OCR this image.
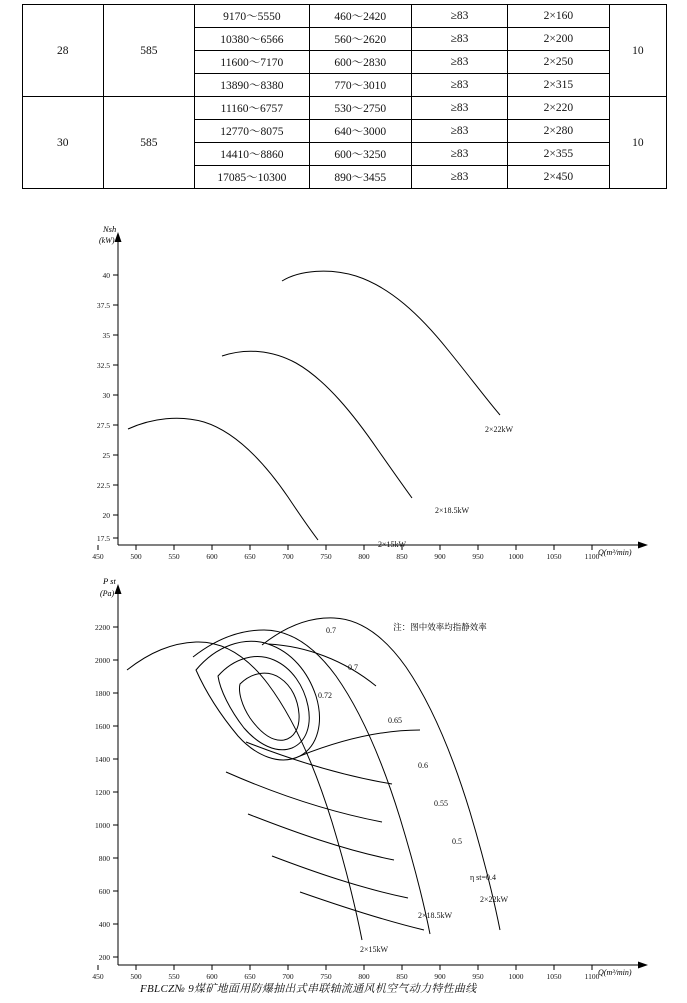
28	585	9170～5550	460～2420	≥83	2×160	10
		10380～6566	560～2620	≥83	2×200	
		11600～7170	600～2830	≥83	2×250	
		13890～8380	770～3010	≥83	2×315	
30	585	11160～6757	530～2750	≥83	2×220	10
		12770～8075	640～3000	≥83	2×280	
		14410～8860	600～3250	≥83	2×355	
		17085～10300	890～3455	≥83	2×450	
40
37.5
35
32.5
30
27.5
25
22.5
20
17.5
Nsh
(kW)
Q(m³/min)
450	500	550	600	650	700	750	800	850	900	950	1000	1050	1100
2×22kW
2×18.5kW
2×15kW
2200
2000
1800
1600
1400
1200
1000
800
600
400
200
P st
(Pa)
Q(m³/min)
450	500	550	600	650	700	750	800	850	900	950	1000	1050	1100
0.7
0.7
0.72
0.65
0.6
0.55
0.5
η st=0.4
2×22kW
2×18.5kW
2×15kW
注：图中效率均指静效率
FBLCZ№ 9煤矿地面用防爆抽出式串联轴流通风机空气动力特性曲线
